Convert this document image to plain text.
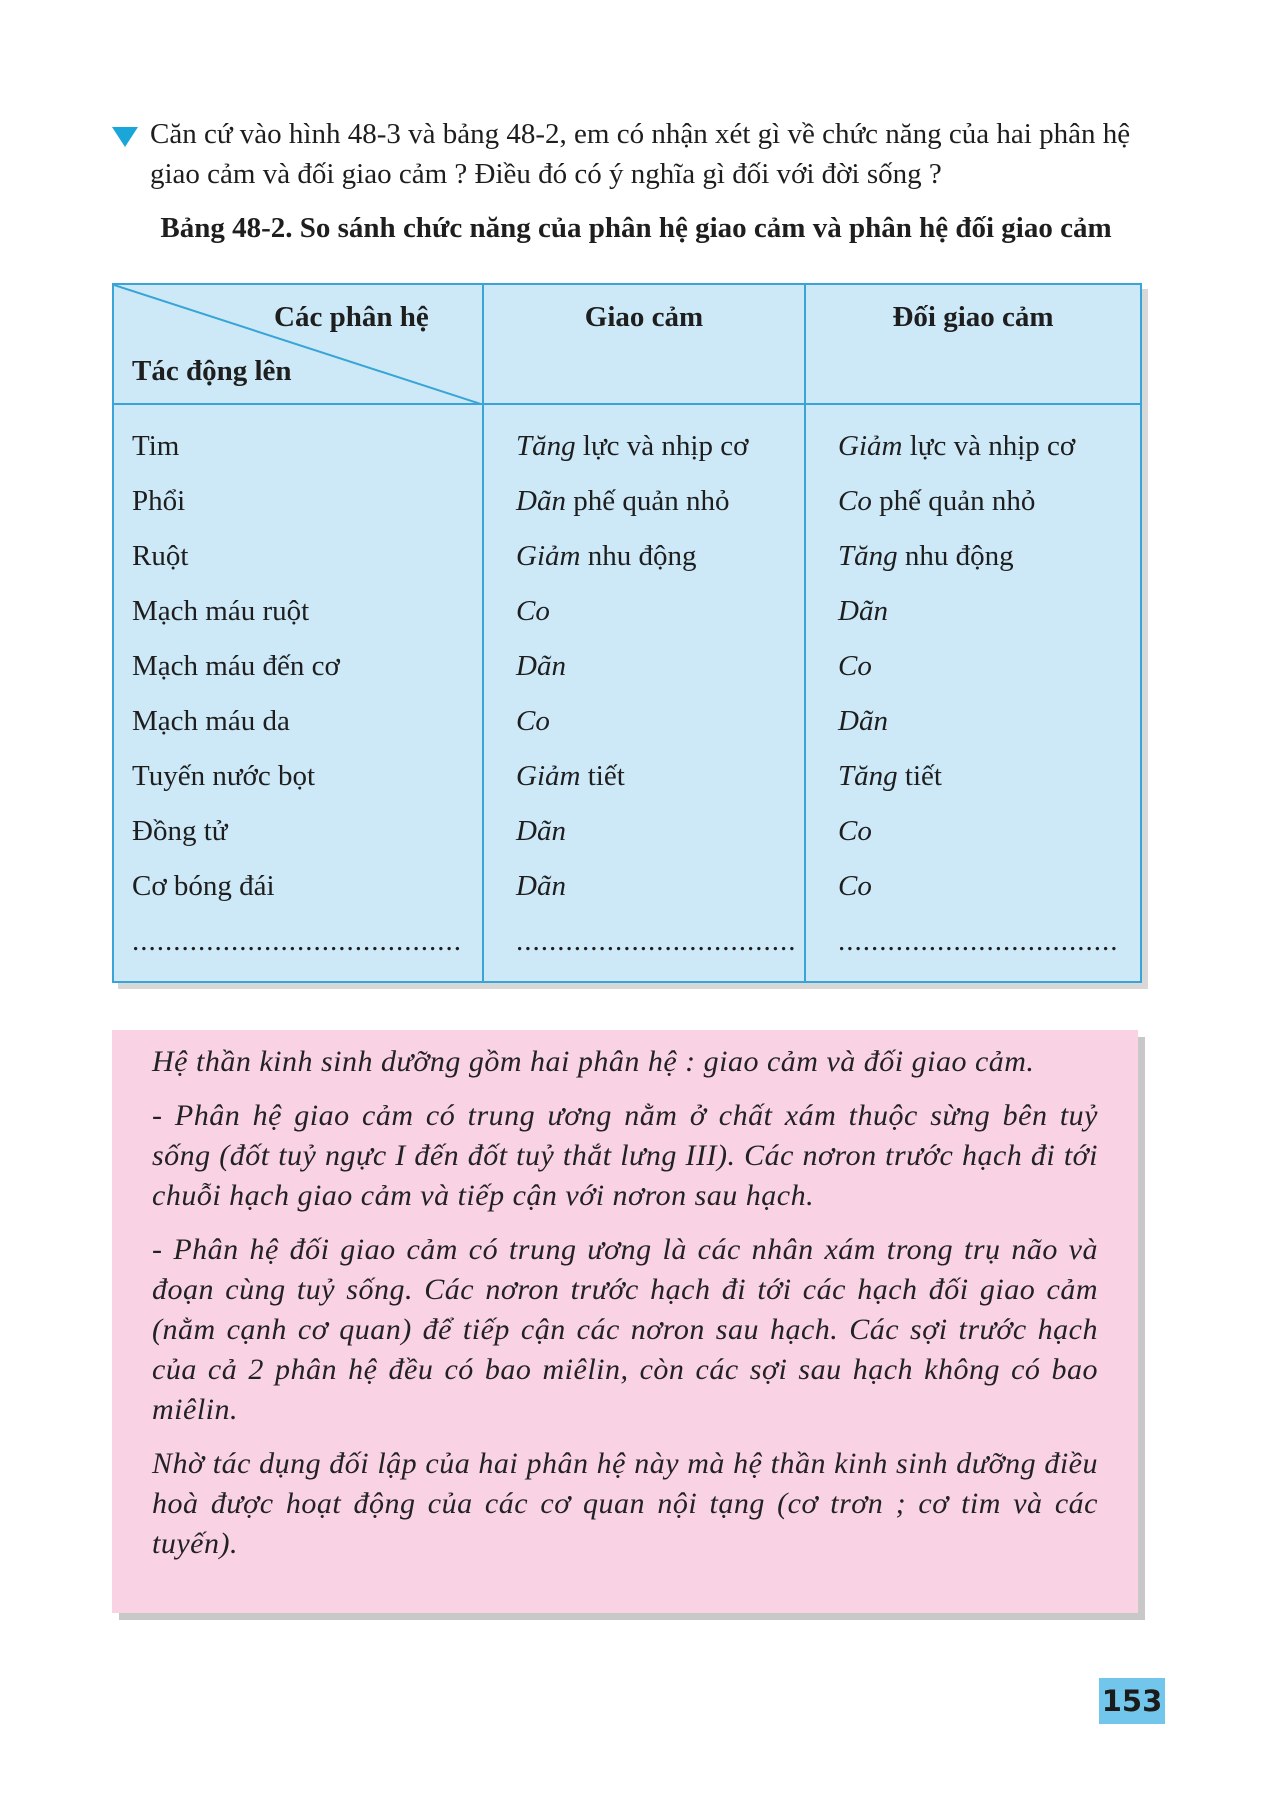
Căn cứ vào hình 48-3 và bảng 48-2, em có nhận xét gì về chức năng của hai phân hệ giao cảm và đối giao cảm ? Điều đó có ý nghĩa gì đối với đời sống ?
Bảng 48-2. So sánh chức năng của phân hệ giao cảm và phân hệ đối giao cảm
Các phân hệ
Tác động lên	Giao cảm	Đối giao cảm
Tim	Tăng lực và nhịp cơ	Giảm lực và nhịp cơ
Phổi	Dãn phế quản nhỏ	Co phế quản nhỏ
Ruột	Giảm nhu động	Tăng nhu động
Mạch máu ruột	Co	Dãn
Mạch máu đến cơ	Dãn	Co
Mạch máu da	Co	Dãn
Tuyến nước bọt	Giảm tiết	Tăng tiết
Đồng tử	Dãn	Co
Cơ bóng đái	Dãn	Co
........................................	..................................	..................................

Hệ thần kinh sinh dưỡng gồm hai phân hệ : giao cảm và đối giao cảm.

- Phân hệ giao cảm có trung ương nằm ở chất xám thuộc sừng bên tuỷ sống (đốt tuỷ ngực I đến đốt tuỷ thắt lưng III). Các nơron trước hạch đi tới chuỗi hạch giao cảm và tiếp cận với nơron sau hạch.

- Phân hệ đối giao cảm có trung ương là các nhân xám trong trụ não và đoạn cùng tuỷ sống. Các nơron trước hạch đi tới các hạch đối giao cảm (nằm cạnh cơ quan) để tiếp cận các nơron sau hạch. Các sợi trước hạch của cả 2 phân hệ đều có bao miêlin, còn các sợi sau hạch không có bao miêlin.

Nhờ tác dụng đối lập của hai phân hệ này mà hệ thần kinh sinh dưỡng điều hoà được hoạt động của các cơ quan nội tạng (cơ trơn ; cơ tim và các tuyến).

153
